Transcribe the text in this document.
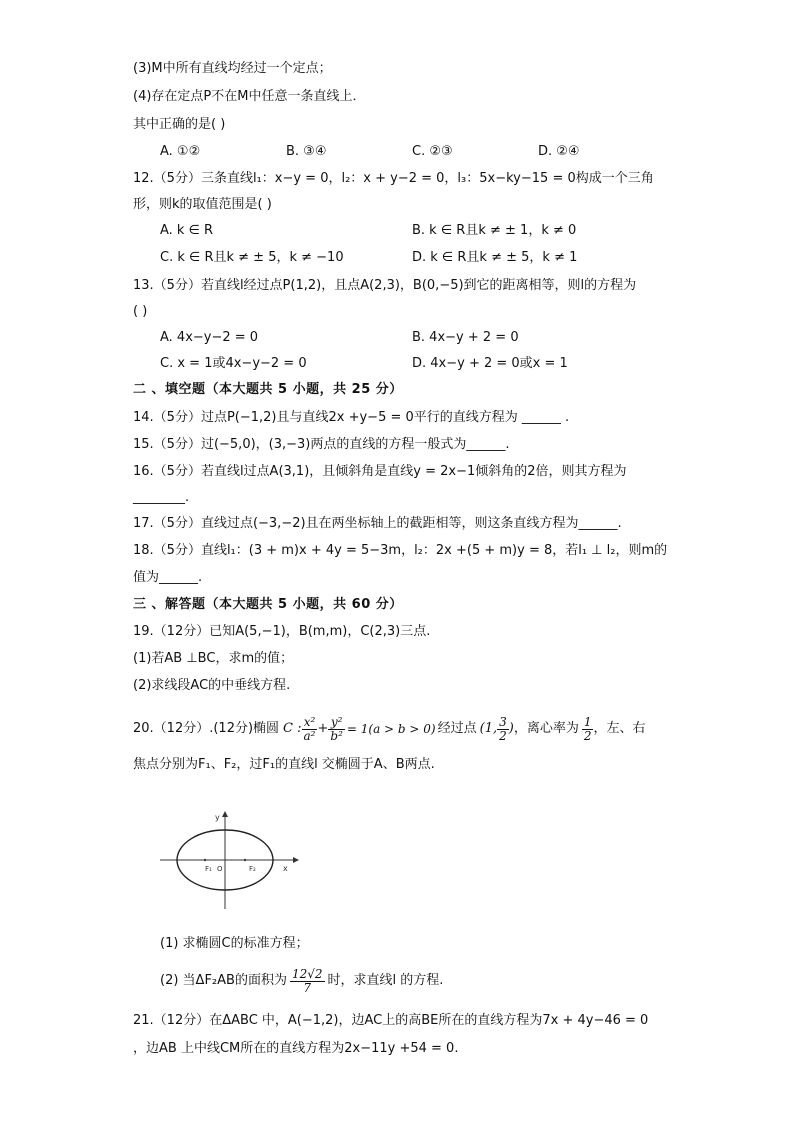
(3)M中所有直线均经过一个定点；
(4)存在定点P不在M中任意一条直线上．
其中正确的是( )
A. ①②	B. ③④	C. ②③	D. ②④
12.（5分）三条直线l₁：x−y = 0，l₂：x + y−2 = 0，l₃：5x−ky−15 = 0构成一个三角
形，则k的取值范围是( )
A. k ∈ R	B. k ∈ R且k ≠ ± 1，k ≠ 0
C. k ∈ R且k ≠ ± 5，k ≠ −10	D. k ∈ R且k ≠ ± 5，k ≠ 1
13.（5分）若直线l经过点P(1,2)，且点A(2,3)，B(0,−5)到它的距离相等，则l的方程为
( )
A. 4x−y−2 = 0	B. 4x−y + 2 = 0
C. x = 1或4x−y−2 = 0	D. 4x−y + 2 = 0或x = 1
二 、填空题（本大题共 5 小题，共 25 分）
14.（5分）过点P(−1,2)且与直线2x +y−5 = 0平行的直线方程为 ______ .
15.（5分）过(−5,0)，(3,−3)两点的直线的方程一般式为______.
16.（5分）若直线l过点A(3,1)，且倾斜角是直线y = 2x−1倾斜角的2倍，则其方程为
________.
17.（5分）直线过点(−3,−2)且在两坐标轴上的截距相等，则这条直线方程为______.
18.（5分）直线l₁：(3 + m)x + 4y = 5−3m，l₂：2x +(5 + m)y = 8，若l₁ ⊥ l₂，则m的
值为______.
三 、解答题（本大题共 5 小题，共 60 分）
19.（12分）已知A(5,−1)，B(m,m)，C(2,3)三点.
(1)若AB ⊥BC，求m的值；
(2)求线段AC的中垂线方程.
20.（12分）.(12分)椭圆 C : $\frac{\text{x²}}{\text{a²}} + \frac{\text{y²}}{\text{b²}} = 1(a > b > 0)$ 经过点 (1, $\frac{3}{2}$ ) ，离心率为 $\frac{1}{2}$ ，左、右
焦点分别为F₁、F₂，过F₁的直线l 交椭圆于A、B两点.
y
x
F₁ O	F₂
(1) 求椭圆C的标准方程；
(2) 当ΔF₂AB的面积为 $\frac{12√2}{7}$ 时，求直线l 的方程.
21.（12分）在ΔABC 中，A(−1,2)，边AC上的高BE所在的直线方程为7x + 4y−46 = 0
，边AB 上中线CM所在的直线方程为2x−11y +54 = 0.
